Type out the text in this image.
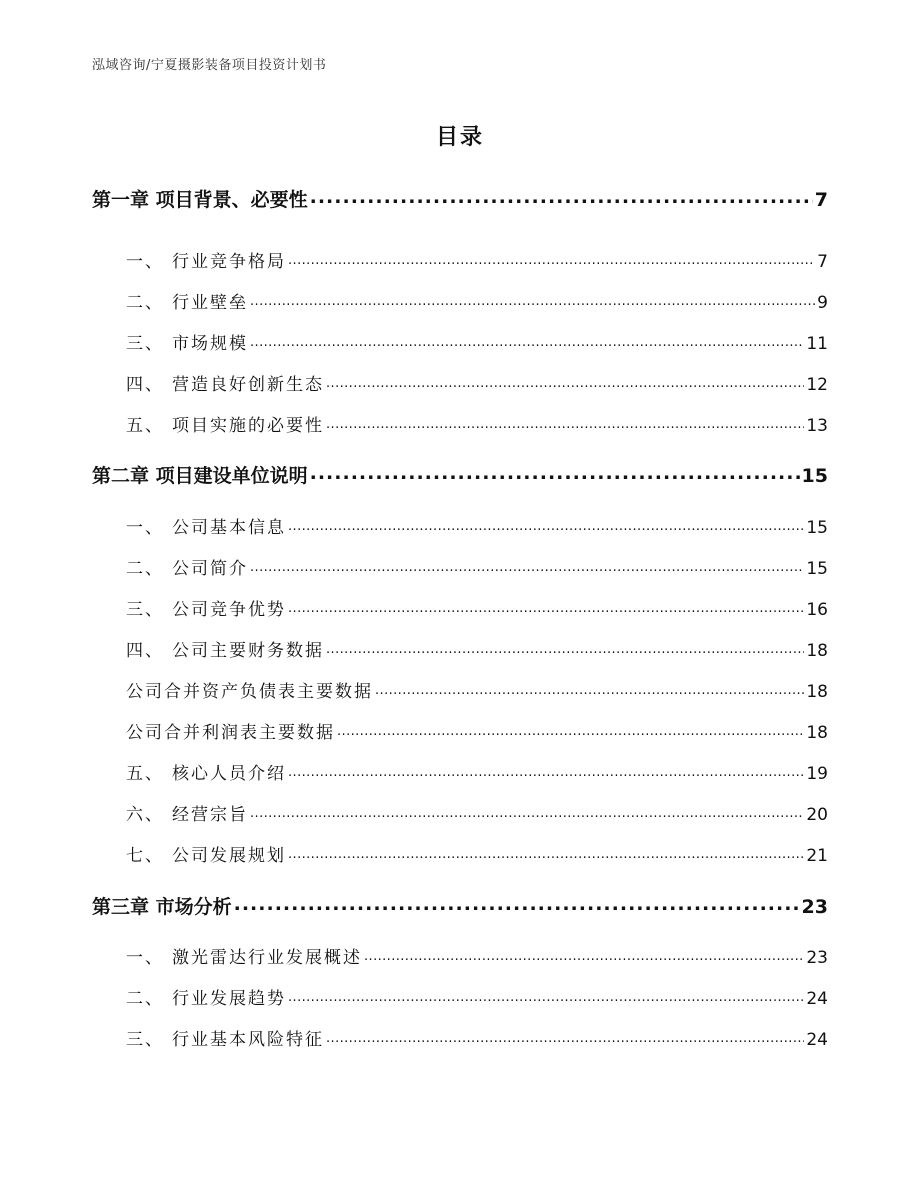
泓域咨询/宁夏摄影装备项目投资计划书
目录
第一章 项目背景、必要性 .....	7
一、 行业竞争格局 .....	7
二、 行业壁垒 .....	9
三、 市场规模 .....	11
四、 营造良好创新生态 .....	12
五、 项目实施的必要性 .....	13
第二章 项目建设单位说明 .....	15
一、 公司基本信息 .....	15
二、 公司简介 .....	15
三、 公司竞争优势 .....	16
四、 公司主要财务数据 .....	18
公司合并资产负债表主要数据 .....	18
公司合并利润表主要数据 .....	18
五、 核心人员介绍 .....	19
六、 经营宗旨 .....	20
七、 公司发展规划 .....	21
第三章 市场分析 .....	23
一、 激光雷达行业发展概述 .....	23
二、 行业发展趋势 .....	24
三、 行业基本风险特征 .....	24
